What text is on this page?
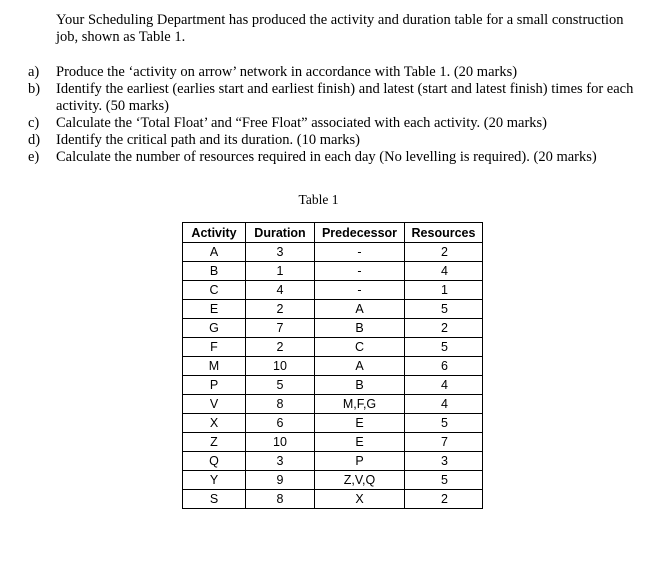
Your Scheduling Department has produced the activity and duration table for a small construction
job, shown as Table 1.
a) Produce the ‘activity on arrow’ network in accordance with Table 1. (20 marks)
b) Identify the earliest (earlies start and earliest finish) and latest (start and latest finish) times for each activity. (50 marks)
c) Calculate the ‘Total Float’ and “Free Float” associated with each activity. (20 marks)
d) Identify the critical path and its duration. (10 marks)
e) Calculate the number of resources required in each day (No levelling is required). (20 marks)
Table 1
Activity	Duration	Predecessor	Resources
A	3	-	2
B	1	-	4
C	4	-	1
E	2	A	5
G	7	B	2
F	2	C	5
M	10	A	6
P	5	B	4
V	8	M,F,G	4
X	6	E	5
Z	10	E	7
Q	3	P	3
Y	9	Z,V,Q	5
S	8	X	2
